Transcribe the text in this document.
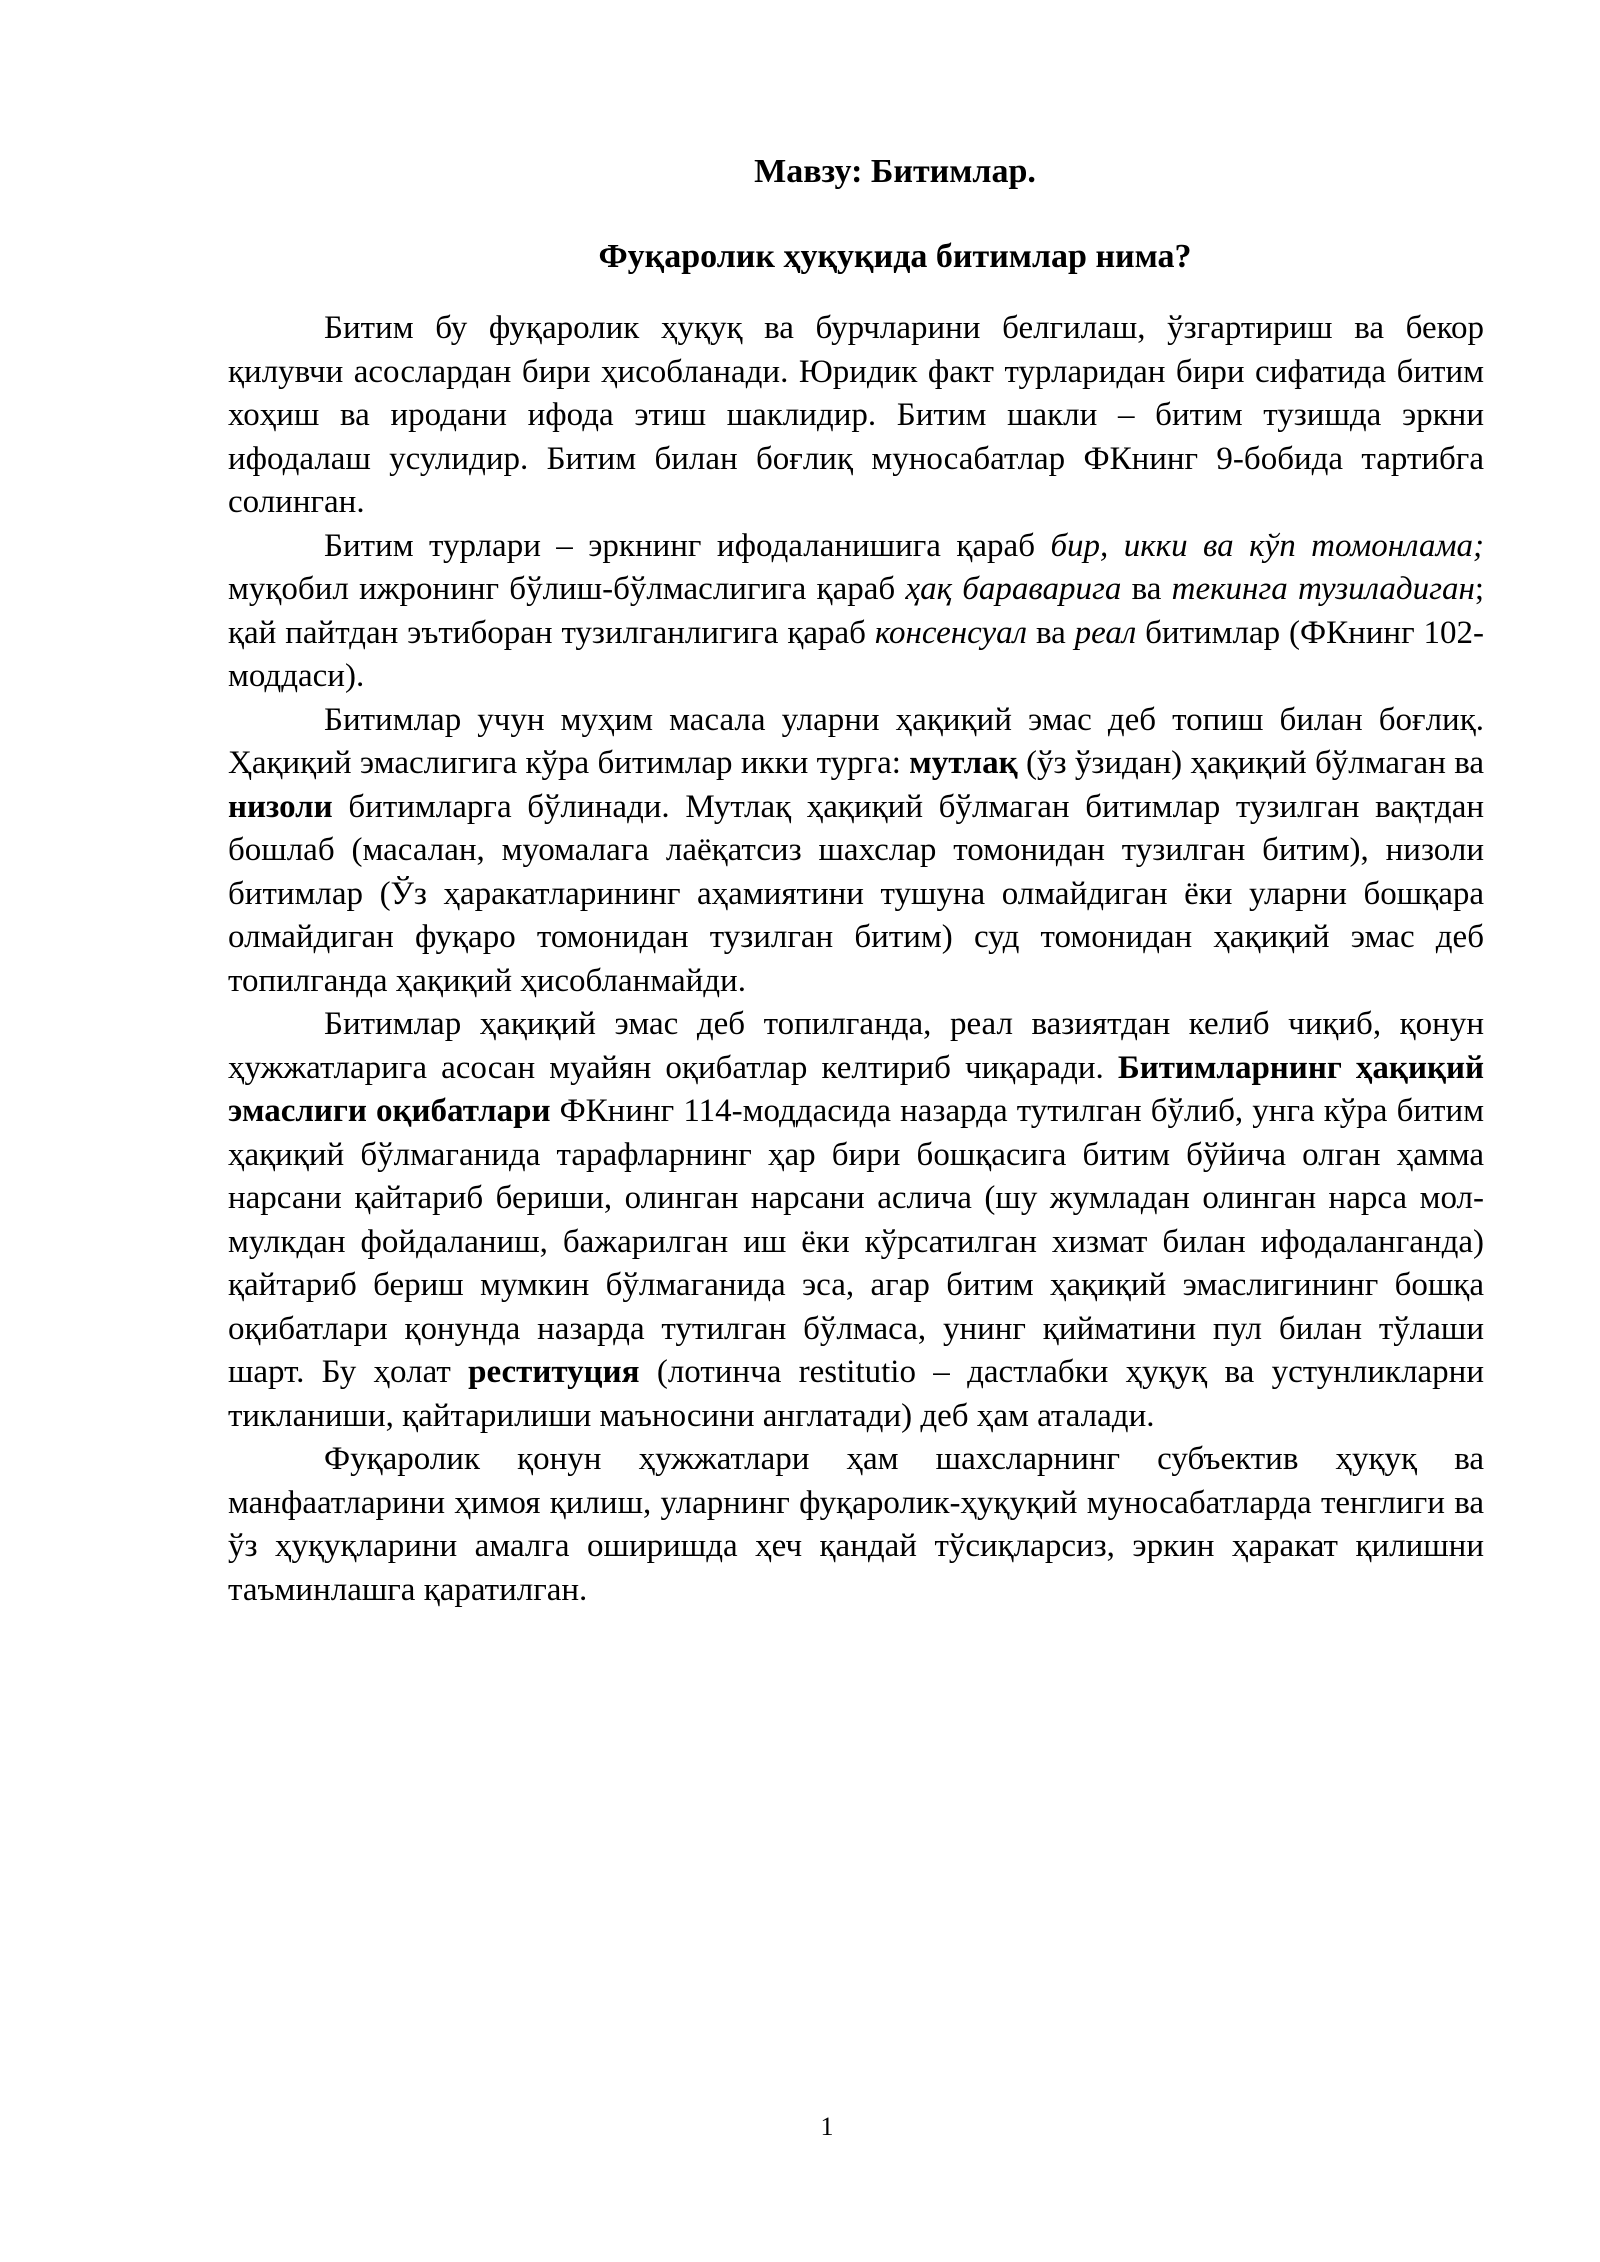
Мавзу: Битимлар.
Фуқаролик ҳуқуқида битимлар нима?

Битим бу фуқаролик ҳуқуқ ва бурчларини белгилаш, ўзгартириш ва бекор қилувчи асослардан бири ҳисобланади. Юридик факт турларидан бири сифатида битим хоҳиш ва иродани ифода этиш шаклидир. Битим шакли – битим тузишда эркни ифодалаш усулидир. Битим билан боғлиқ муносабатлар ФКнинг 9-бобида тартибга солинган.

Битим турлари – эркнинг ифодаланишига қараб бир, икки ва кўп томонлама; муқобил ижронинг бўлиш-бўлмаслигига қараб ҳақ бараварига ва текинга тузиладиган; қай пайтдан эътиборан тузилганлигига қараб консенсуал ва реал битимлар (ФКнинг 102-моддаси).

Битимлар учун муҳим масала уларни ҳақиқий эмас деб топиш билан боғлиқ. Ҳақиқий эмаслигига кўра битимлар икки турга: мутлақ (ўз ўзидан) ҳақиқий бўлмаган ва низоли битимларга бўлинади. Мутлақ ҳақиқий бўлмаган битимлар тузилган вақтдан бошлаб (масалан, муомалага лаёқатсиз шахслар томонидан тузилган битим), низоли битимлар (Ўз ҳаракатларининг аҳамиятини тушуна олмайдиган ёки уларни бошқара олмайдиган фуқаро томонидан тузилган битим) суд томонидан ҳақиқий эмас деб топилганда ҳақиқий ҳисобланмайди.

Битимлар ҳақиқий эмас деб топилганда, реал вазиятдан келиб чиқиб, қонун ҳужжатларига асосан муайян оқибатлар келтириб чиқаради. Битимларнинг ҳақиқий эмаслиги оқибатлари ФКнинг 114-моддасида назарда тутилган бўлиб, унга кўра битим ҳақиқий бўлмаганида тарафларнинг ҳар бири бошқасига битим бўйича олган ҳамма нарсани қайтариб бериши, олинган нарсани аслича (шу жумладан олинган нарса мол-мулкдан фойдаланиш, бажарилган иш ёки кўрсатилган хизмат билан ифодаланганда) қайтариб бериш мумкин бўлмаганида эса, агар битим ҳақиқий эмаслигининг бошқа оқибатлари қонунда назарда тутилган бўлмаса, унинг қийматини пул билан тўлаши шарт. Бу ҳолат реституция (лотинча restitutio – дастлабки ҳуқуқ ва устунликларни тикланиши, қайтарилиши маъносини англатади) деб ҳам аталади.

Фуқаролик қонун ҳужжатлари ҳам шахсларнинг субъектив ҳуқуқ ва манфаатларини ҳимоя қилиш, уларнинг фуқаролик-ҳуқуқий муносабатларда тенглиги ва ўз ҳуқуқларини амалга оширишда ҳеч қандай тўсиқларсиз, эркин ҳаракат қилишни таъминлашга қаратилган.

1
